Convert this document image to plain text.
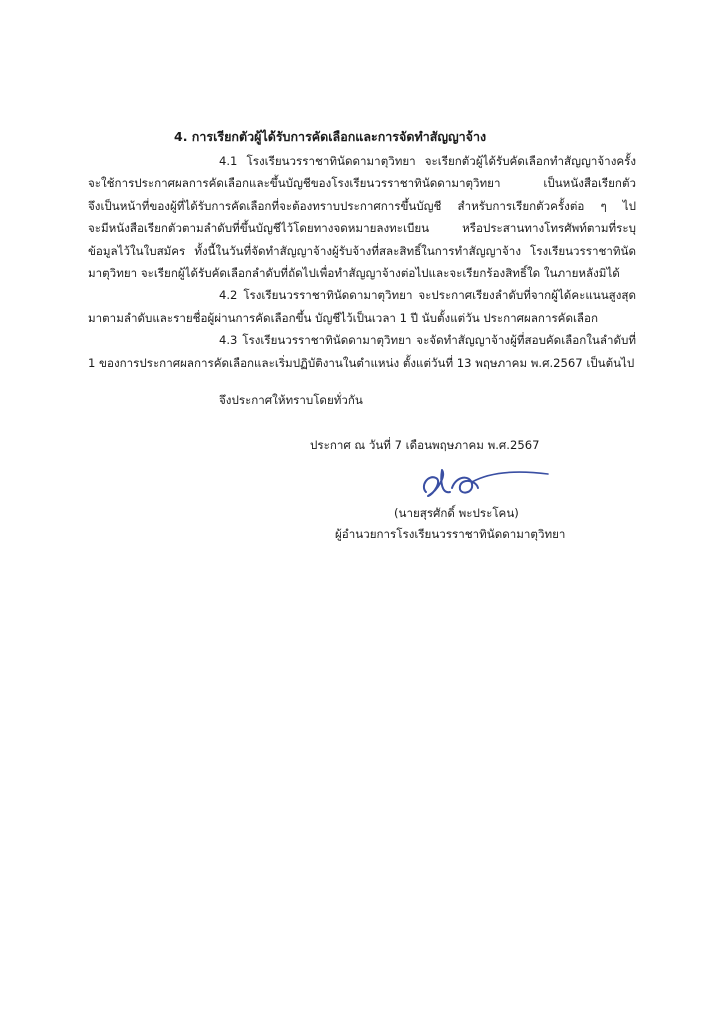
4. การเรียกตัวผู้ได้รับการคัดเลือกและการจัดทำสัญญาจ้าง
4.1 โรงเรียนวรราชาทินัดดามาตุวิทยา จะเรียกตัวผู้ได้รับคัดเลือกทำสัญญาจ้างครั้ง
จะใช้การประกาศผลการคัดเลือกและขึ้นบัญชีของโรงเรียนวรราชาทินัดดามาตุวิทยา เป็นหนังสือเรียกตัว
จึงเป็นหน้าที่ของผู้ที่ได้รับการคัดเลือกที่จะต้องทราบประกาศการขึ้นบัญชี สำหรับการเรียกตัวครั้งต่อ ๆ ไป
จะมีหนังสือเรียกตัวตามลำดับที่ขึ้นบัญชีไว้โดยทางจดหมายลงทะเบียน หรือประสานทางโทรศัพท์ตามที่ระบุ
ข้อมูลไว้ในใบสมัคร ทั้งนี้ในวันที่จัดทำสัญญาจ้างผู้รับจ้างที่สละสิทธิ์ในการทำสัญญาจ้าง โรงเรียนวรราชาทินัด
มาตุวิทยา จะเรียกผู้ได้รับคัดเลือกลำดับที่ถัดไปเพื่อทำสัญญาจ้างต่อไปและจะเรียกร้องสิทธิ์ใด ในภายหลังมิได้
4.2 โรงเรียนวรราชาทินัดดามาตุวิทยา จะประกาศเรียงลำดับที่จากผู้ได้คะแนนสูงสุด
มาตามลำดับและรายชื่อผู้ผ่านการคัดเลือกขึ้น บัญชีไว้เป็นเวลา 1 ปี นับตั้งแต่วัน ประกาศผลการคัดเลือก
4.3 โรงเรียนวรราชาทินัดดามาตุวิทยา จะจัดทำสัญญาจ้างผู้ที่สอบคัดเลือกในลำดับที่
1 ของการประกาศผลการคัดเลือกและเริ่มปฏิบัติงานในตำแหน่ง ตั้งแต่วันที่ 13 พฤษภาคม พ.ศ.2567 เป็นต้นไป
จึงประกาศให้ทราบโดยทั่วกัน
ประกาศ ณ วันที่ 7 เดือนพฤษภาคม พ.ศ.2567
(นายสุรศักดิ์ พะประโคน)
ผู้อำนวยการโรงเรียนวรราชาทินัดดามาตุวิทยา
